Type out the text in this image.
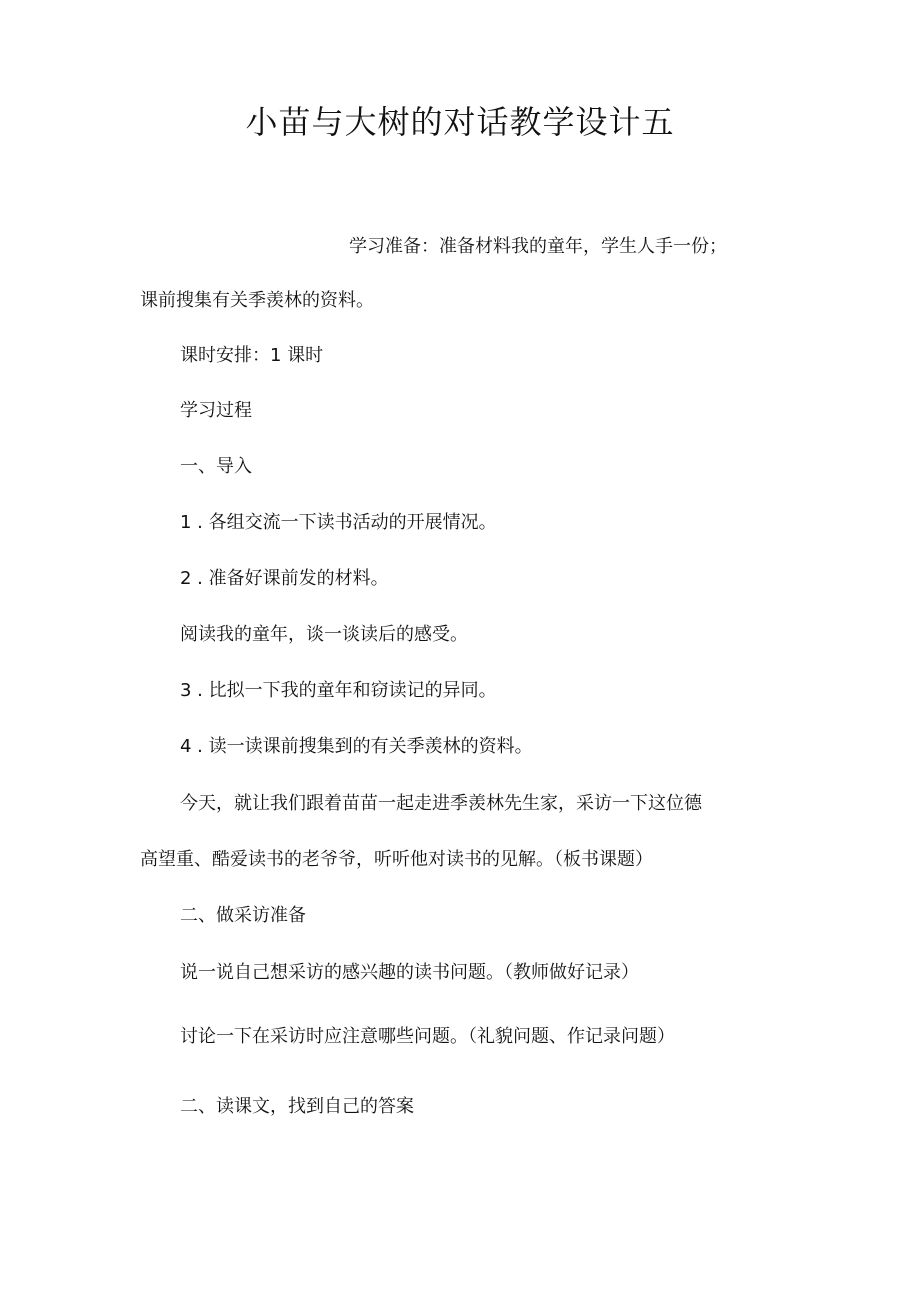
小苗与大树的对话教学设计五

学习准备：准备材料我的童年，学生人手一份；

课前搜集有关季羡林的资料。

课时安排：1 课时

学习过程

一、导入

1 . 各组交流一下读书活动的开展情况。

2 . 准备好课前发的材料。

阅读我的童年，谈一谈读后的感受。

3 . 比拟一下我的童年和窃读记的异同。

4 . 读一读课前搜集到的有关季羡林的资料。

今天，就让我们跟着苗苗一起走进季羡林先生家，采访一下这位德

高望重、酷爱读书的老爷爷，听听他对读书的见解。（板书课题）

二、做采访准备

说一说自己想采访的感兴趣的读书问题。（教师做好记录）

讨论一下在采访时应注意哪些问题。（礼貌问题、作记录问题）

二、读课文，找到自己的答案
